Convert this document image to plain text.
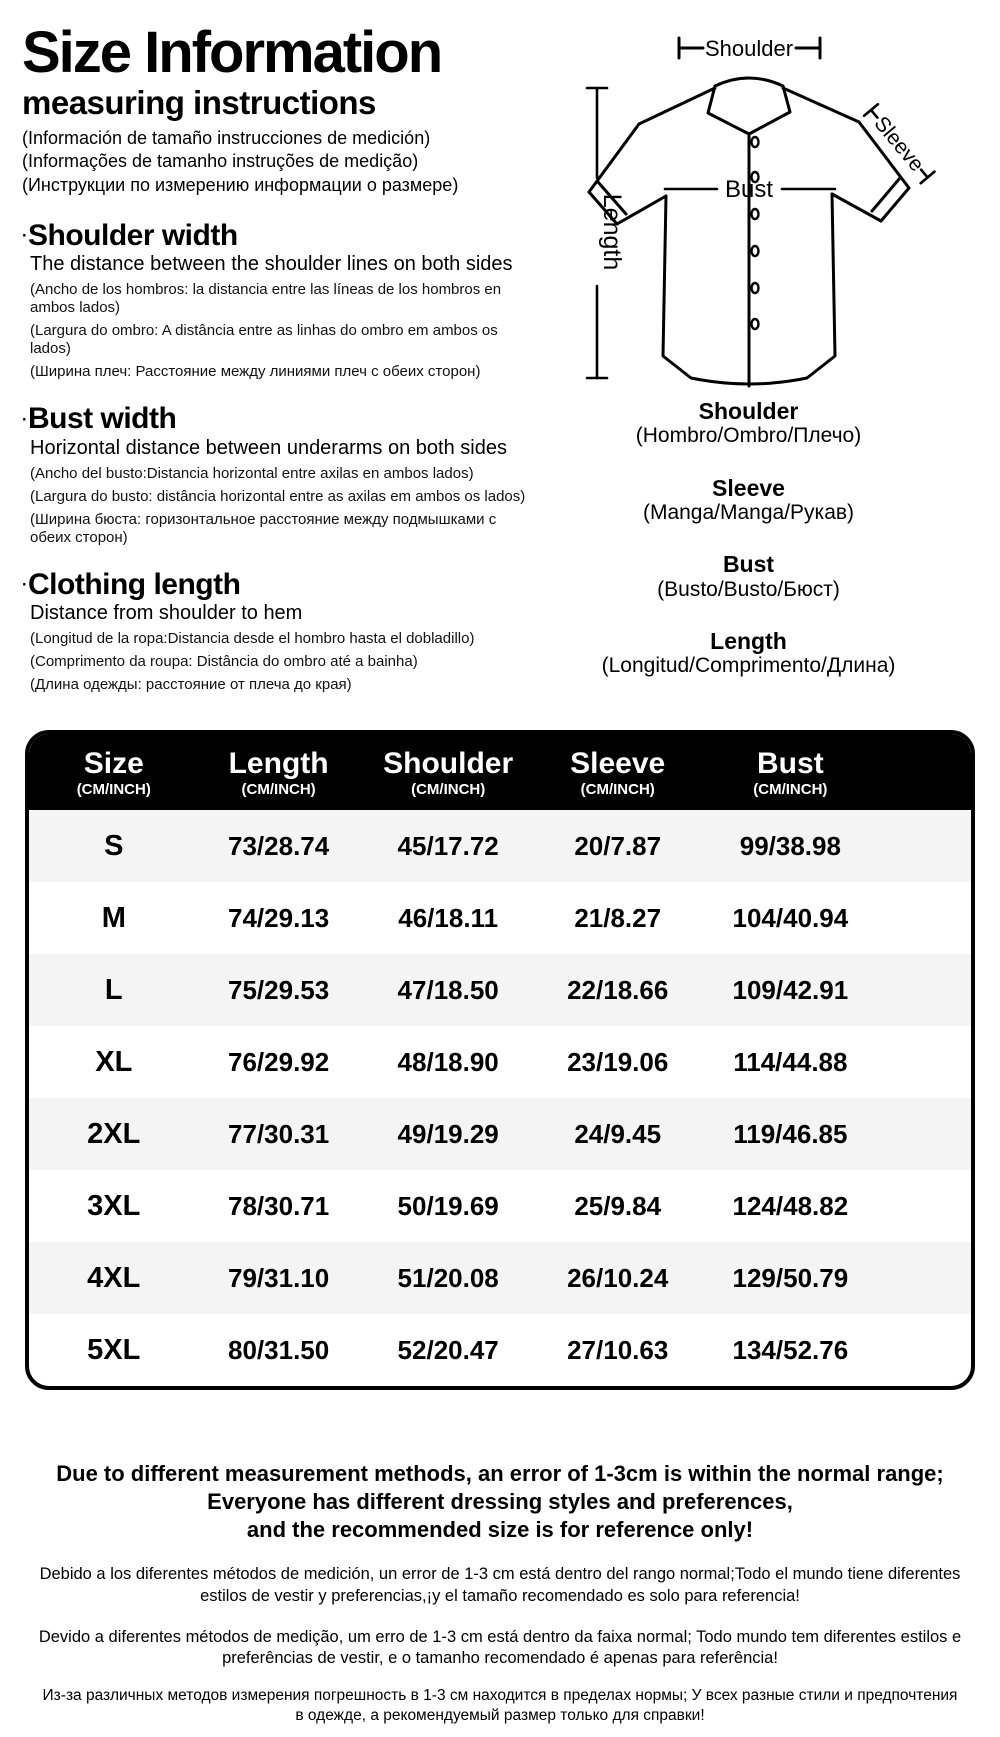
Size Information
measuring instructions

(Información de tamaño instrucciones de medición)

(Informações de tamanho instruções de medição)

(Инструкции по измерению информации о размере)

·Shoulder width

The distance between the shoulder lines on both sides

(Ancho de los hombros: la distancia entre las líneas de los hombros en ambos lados)

(Largura do ombro: A distância entre as linhas do ombro em ambos os lados)

(Ширина плеч: Расстояние между линиями плеч с обеих сторон)

·Bust width

Horizontal distance between underarms on both sides

(Ancho del busto:Distancia horizontal entre axilas en ambos lados)

(Largura do busto: distância horizontal entre as axilas em ambos os lados)

(Ширина бюста: горизонтальное расстояние между подмышками с обеих сторон)

·Clothing length

Distance from shoulder to hem

(Longitud de la ropa:Distancia desde el hombro hasta el dobladillo)

(Comprimento da roupa: Distância do ombro até a bainha)

(Длина одежды: расстояние от плеча до края)

Shoulder
Sleeve
Bust
Length
Shoulder
(Hombro/Ombro/Плечо)
Sleeve
(Manga/Manga/Рукав)
Bust
(Busto/Busto/Бюст)
Length
(Longitud/Comprimento/Длина)
Size
(CM/INCH)
Length
(CM/INCH)
Shoulder
(CM/INCH)
Sleeve
(CM/INCH)
Bust
(CM/INCH)
S	73/28.74	45/17.72	20/7.87	99/38.98
M	74/29.13	46/18.11	21/8.27	104/40.94
L	75/29.53	47/18.50	22/18.66	109/42.91
XL	76/29.92	48/18.90	23/19.06	114/44.88
2XL	77/30.31	49/19.29	24/9.45	119/46.85
3XL	78/30.71	50/19.69	25/9.84	124/48.82
4XL	79/31.10	51/20.08	26/10.24	129/50.79
5XL	80/31.50	52/20.47	27/10.63	134/52.76

Due to different measurement methods, an error of 1-3cm is within the normal range;

Everyone has different dressing styles and preferences,

and the recommended size is for reference only!

Debido a los diferentes métodos de medición, un error de 1-3 cm está dentro del rango normal;Todo el mundo tiene diferentes estilos de vestir y preferencias,¡y el tamaño recomendado es solo para referencia!

Devido a diferentes métodos de medição, um erro de 1-3 cm está dentro da faixa normal; Todo mundo tem diferentes estilos e preferências de vestir, e o tamanho recomendado é apenas para referência!

Из-за различных методов измерения погрешность в 1-3 см находится в пределах нормы; У всех разные стили и предпочтения в одежде, а рекомендуемый размер только для справки!
